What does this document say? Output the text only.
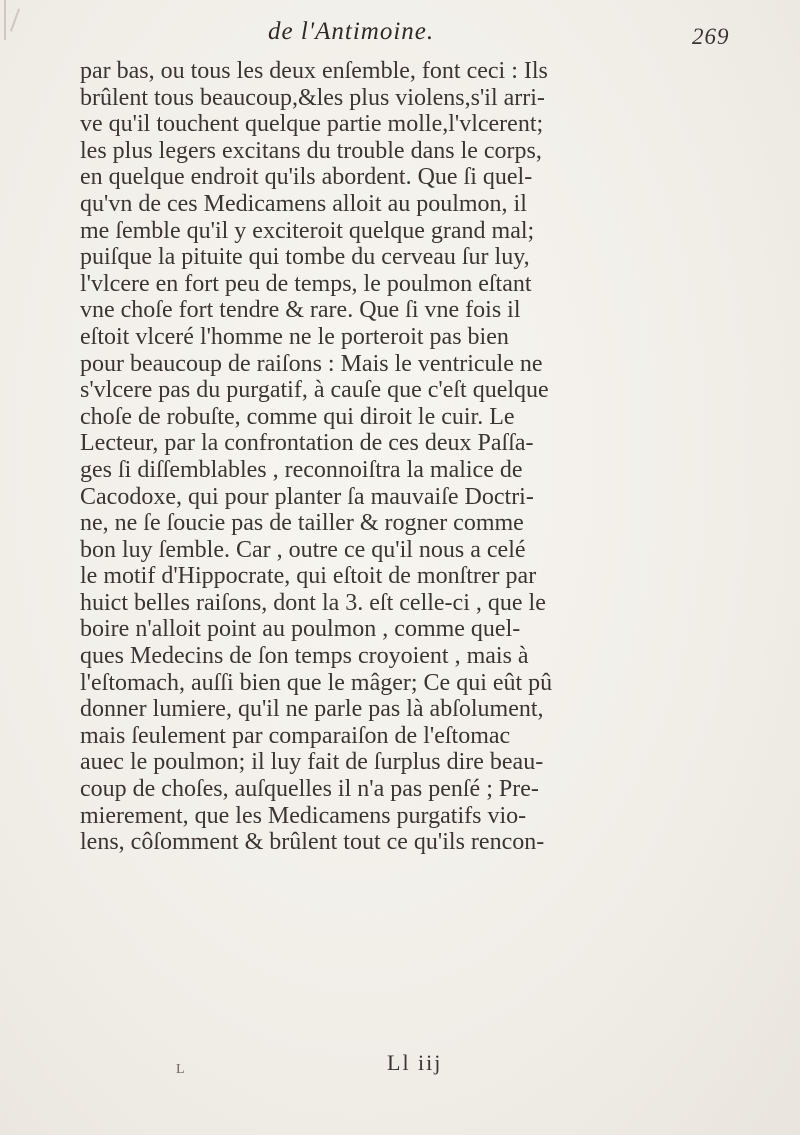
de l'Antimoine.	269
par bas, ou tous les deux enſemble, font ceci : Ils
brûlent tous beaucoup,&les plus violens,s'il arri-
ve qu'il touchent quelque partie molle,l'vlcerent;
les plus legers excitans du trouble dans le corps,
en quelque endroit qu'ils abordent. Que ſi quel-
qu'vn de ces Medicamens alloit au poulmon, il
me ſemble qu'il y exciteroit quelque grand mal;
puiſque la pituite qui tombe du cerveau ſur luy,
l'vlcere en fort peu de temps, le poulmon eſtant
vne choſe fort tendre & rare. Que ſi vne fois il
eſtoit vlceré l'homme ne le porteroit pas bien
pour beaucoup de raiſons : Mais le ventricule ne
s'vlcere pas du purgatif, à cauſe que c'eſt quelque
choſe de robuſte, comme qui diroit le cuir. Le
Lecteur, par la confrontation de ces deux Paſſa-
ges ſi diſſemblables , reconnoiſtra la malice de
Cacodoxe, qui pour planter ſa mauvaiſe Doctri-
ne, ne ſe ſoucie pas de tailler & rogner comme
bon luy ſemble. Car , outre ce qu'il nous a celé
le motif d'Hippocrate, qui eſtoit de monſtrer par
huict belles raiſons, dont la 3. eſt celle-ci , que le
boire n'alloit point au poulmon , comme quel-
ques Medecins de ſon temps croyoient , mais à
l'eſtomach, auſſi bien que le mâger; Ce qui eût pû
donner lumiere, qu'il ne parle pas là abſolument,
mais ſeulement par comparaiſon de l'eſtomac
auec le poulmon; il luy fait de ſurplus dire beau-
coup de choſes, auſquelles il n'a pas penſé ; Pre-
mierement, que les Medicamens purgatifs vio-
lens, côſomment & brûlent tout ce qu'ils rencon-
L	Ll iij
